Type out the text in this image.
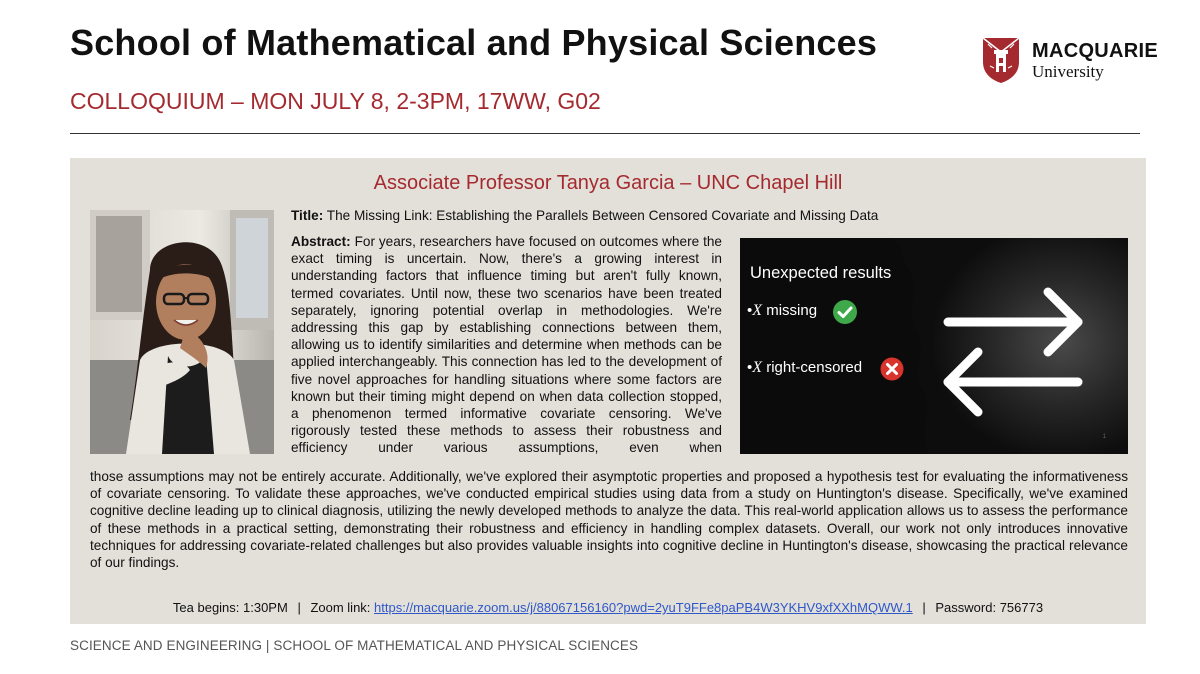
School of Mathematical and Physical Sciences
COLLOQUIUM – MON JULY 8, 2-3PM, 17WW, G02
MACQUARIE
University
Associate Professor Tanya Garcia – UNC Chapel Hill
Title: The Missing Link: Establishing the Parallels Between Censored Covariate and Missing Data
Abstract: For years, researchers have focused on outcomes where the exact timing is uncertain. Now, there's a growing interest in understanding factors that influence timing but aren't fully known, termed covariates. Until now, these two scenarios have been treated separately, ignoring potential overlap in methodologies. We're addressing this gap by establishing connections between them, allowing us to identify similarities and determine when methods can be applied interchangeably. This connection has led to the development of five novel approaches for handling situations where some factors are known but their timing might depend on when data collection stopped, a phenomenon termed informative covariate censoring. We've rigorously tested these methods to assess their robustness and efficiency under various assumptions, even when
Unexpected results
•X missing
•X right-censored
1
those assumptions may not be entirely accurate. Additionally, we've explored their asymptotic properties and proposed a hypothesis test for evaluating the informativeness of covariate censoring. To validate these approaches, we've conducted empirical studies using data from a study on Huntington's disease. Specifically, we've examined cognitive decline leading up to clinical diagnosis, utilizing the newly developed methods to analyze the data. This real-world application allows us to assess the performance of these methods in a practical setting, demonstrating their robustness and efficiency in handling complex datasets. Overall, our work not only introduces innovative techniques for addressing covariate-related challenges but also provides valuable insights into cognitive decline in Huntington's disease, showcasing the practical relevance of our findings.
Tea begins: 1:30PM | Zoom link: https://macquarie.zoom.us/j/88067156160?pwd=2yuT9FFe8paPB4W3YKHV9xfXXhMQWW.1 | Password: 756773
SCIENCE AND ENGINEERING | SCHOOL OF MATHEMATICAL AND PHYSICAL SCIENCES
